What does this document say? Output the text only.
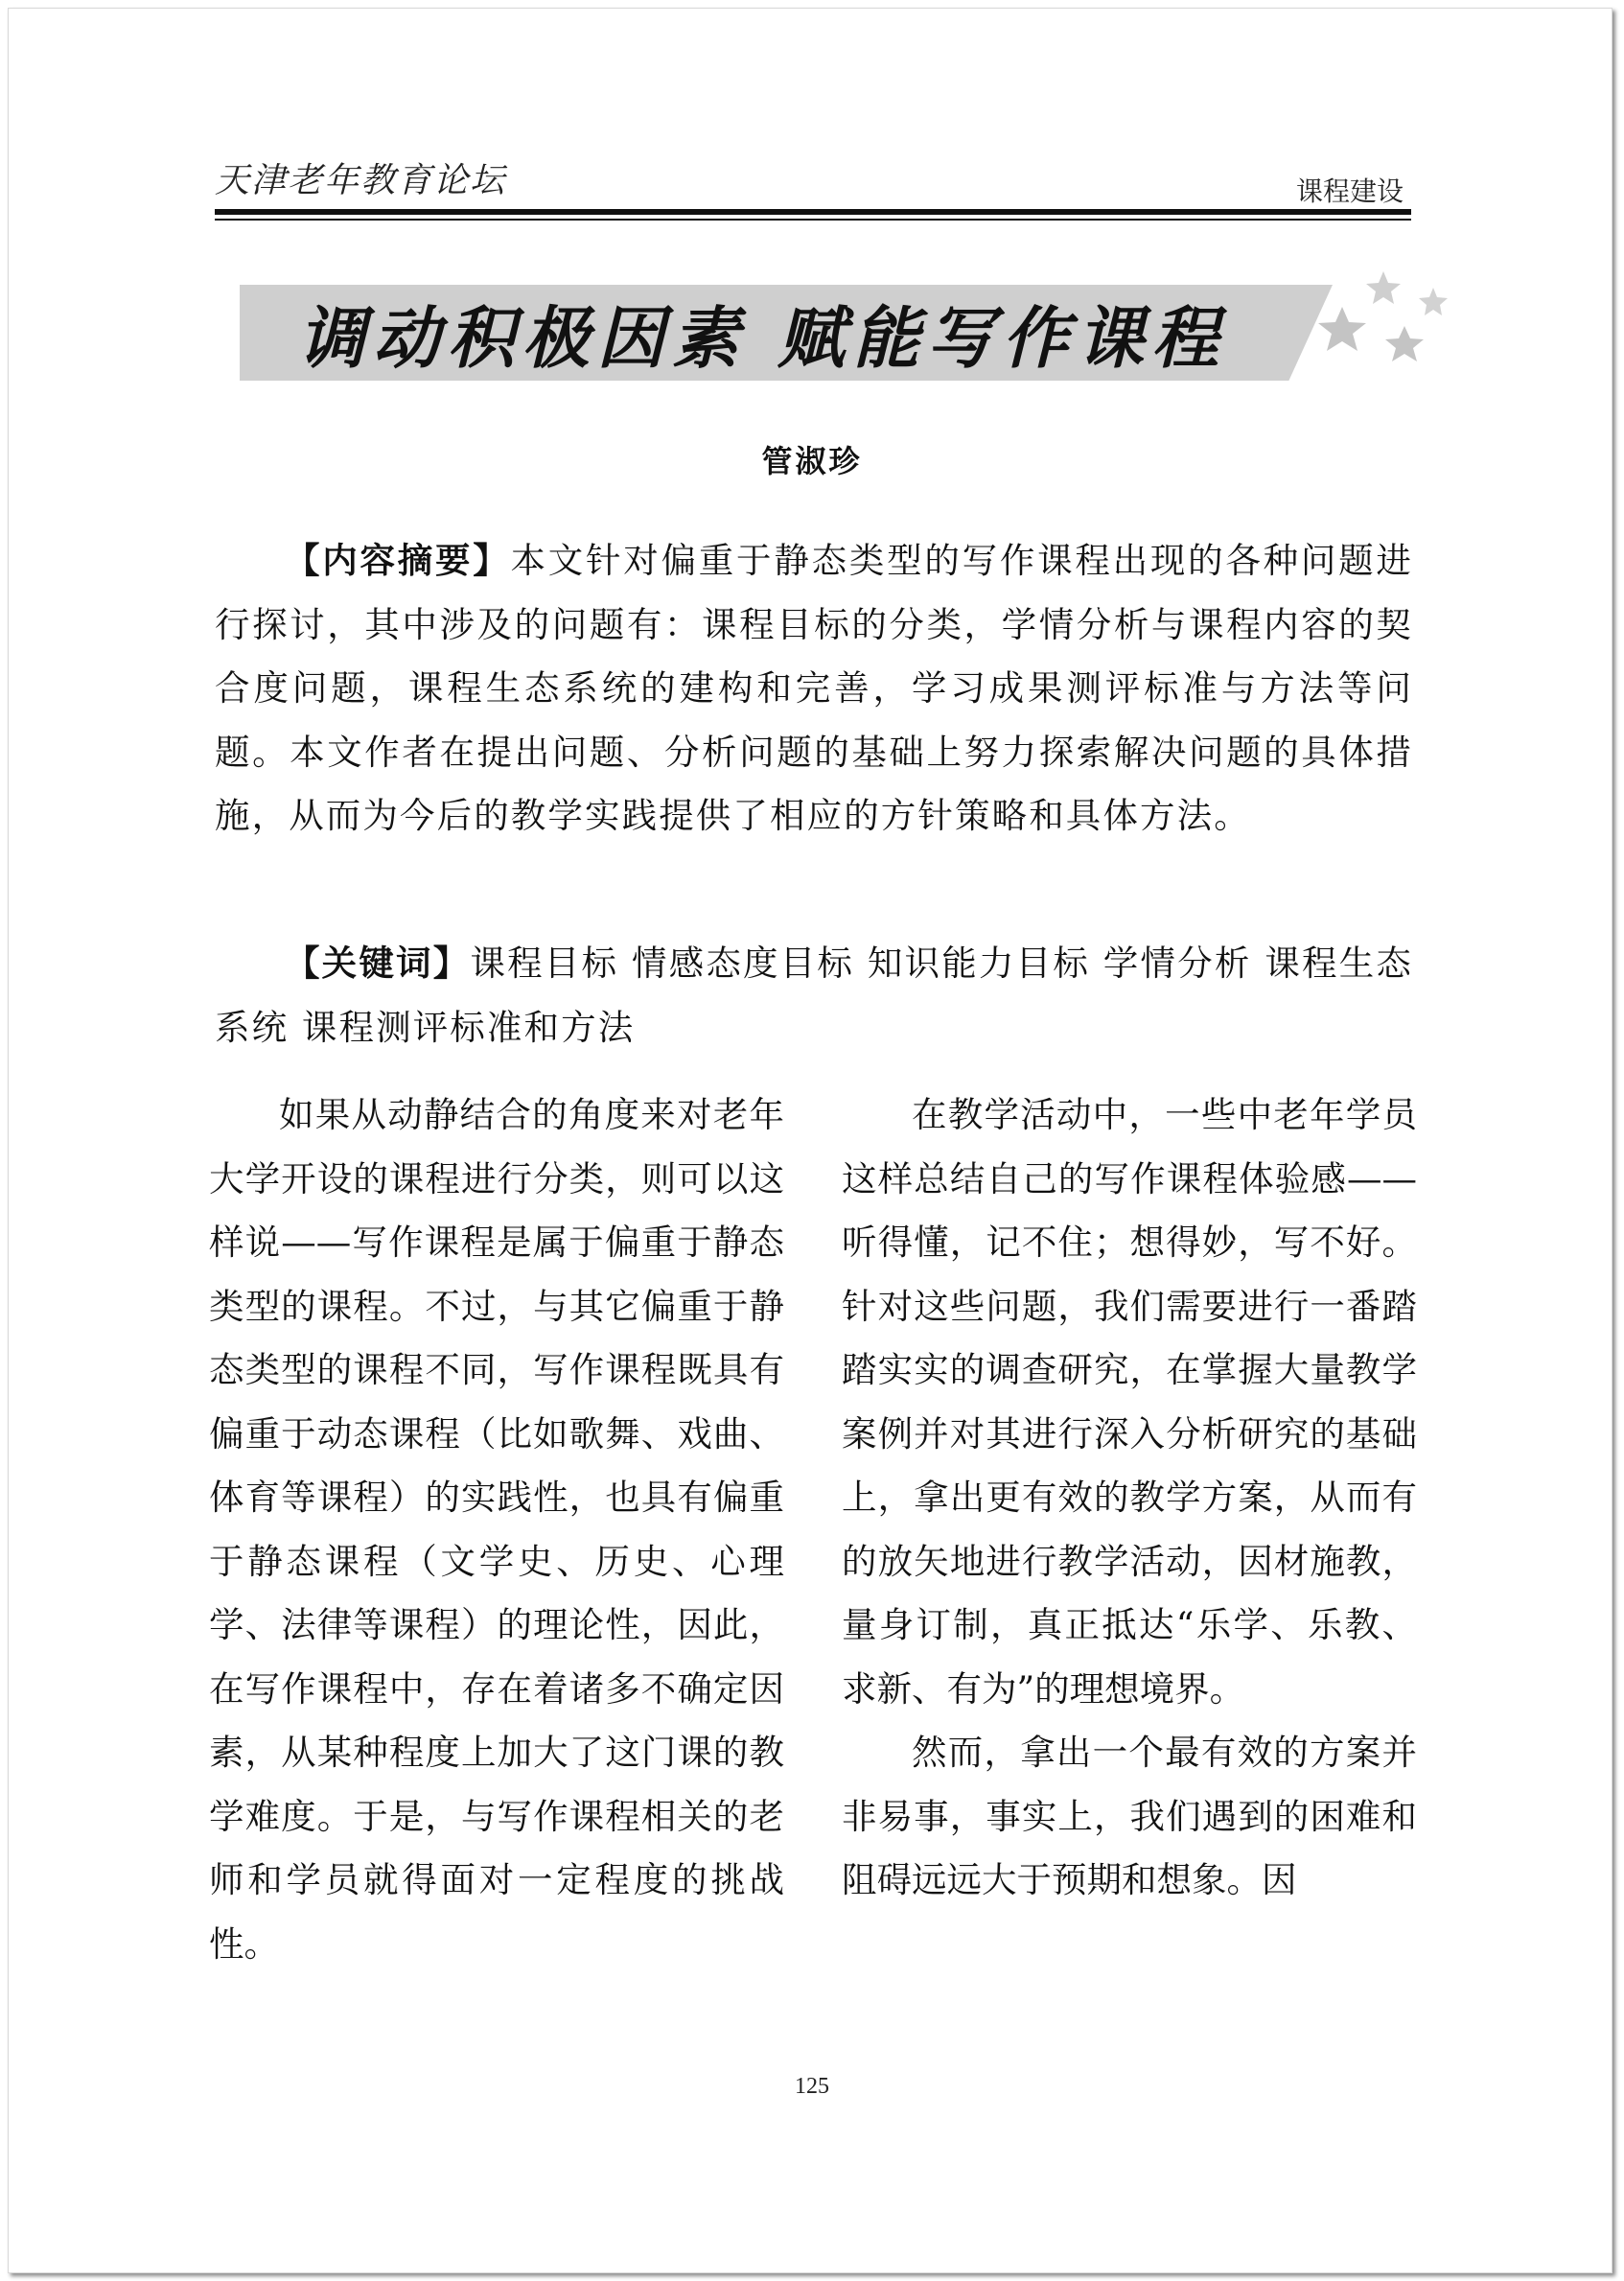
天津老年教育论坛	课程建设
调动积极因素 赋能写作课程
管淑珍
【内容摘要】本文针对偏重于静态类型的写作课程出现的各种问题进行探讨，其中涉及的问题有：课程目标的分类，学情分析与课程内容的契合度问题，课程生态系统的建构和完善，学习成果测评标准与方法等问题。本文作者在提出问题、分析问题的基础上努力探索解决问题的具体措施，从而为今后的教学实践提供了相应的方针策略和具体方法。
【关键词】课程目标 情感态度目标 知识能力目标 学情分析 课程生态系统 课程测评标准和方法

如果从动静结合的角度来对老年大学开设的课程进行分类，则可以这样说——写作课程是属于偏重于静态类型的课程。不过，与其它偏重于静态类型的课程不同，写作课程既具有偏重于动态课程（比如歌舞、戏曲、体育等课程）的实践性，也具有偏重于静态课程（文学史、历史、心理学、法律等课程）的理论性，因此，在写作课程中，存在着诸多不确定因素，从某种程度上加大了这门课的教学难度。于是，与写作课程相关的老师和学员就得面对一定程度的挑战性。

在教学活动中，一些中老年学员这样总结自己的写作课程体验感——听得懂，记不住；想得妙，写不好。针对这些问题，我们需要进行一番踏踏实实的调查研究，在掌握大量教学案例并对其进行深入分析研究的基础上，拿出更有效的教学方案，从而有的放矢地进行教学活动，因材施教，量身订制，真正抵达“乐学、乐教、求新、有为”的理想境界。

然而，拿出一个最有效的方案并非易事，事实上，我们遇到的困难和阻碍远远大于预期和想象。因

125
